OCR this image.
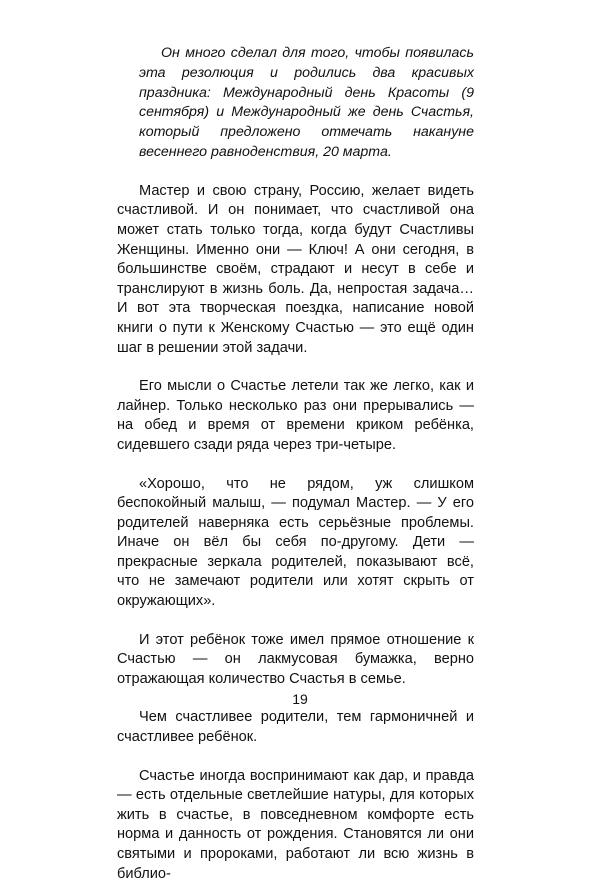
Он много сделал для того, чтобы появилась эта резолюция и родились два красивых праздника: Международный день Красоты (9 сентября) и Международный же день Счастья, который предложено отмечать накануне весеннего равноденствия, 20 марта.

Мастер и свою страну, Россию, желает видеть счастливой. И он понимает, что счастливой она может стать только тогда, когда будут Счастливы Женщины. Именно они — Ключ! А они сегодня, в большинстве своём, страдают и несут в себе и транслируют в жизнь боль. Да, непростая задача… И вот эта творческая поездка, написание новой книги о пути к Женскому Счастью — это ещё один шаг в решении этой задачи.

Его мысли о Счастье летели так же легко, как и лайнер. Только несколько раз они прерывались — на обед и время от времени криком ребёнка, сидевшего сзади ряда через три-четыре.

«Хорошо, что не рядом, уж слишком беспокойный малыш, — подумал Мастер. — У его родителей наверняка есть серьёзные проблемы. Иначе он вёл бы себя по-другому. Дети — прекрасные зеркала родителей, показывают всё, что не замечают родители или хотят скрыть от окружающих».

И этот ребёнок тоже имел прямое отношение к Счастью — он лакмусовая бумажка, верно отражающая количество Счастья в семье.

Чем счастливее родители, тем гармоничней и счастливее ребёнок.

Счастье иногда воспринимают как дар, и правда — есть отдельные светлейшие натуры, для которых жить в счастье, в повседневном комфорте есть норма и данность от рождения. Становятся ли они святыми и пророками, работают ли всю жизнь в библио-

19
